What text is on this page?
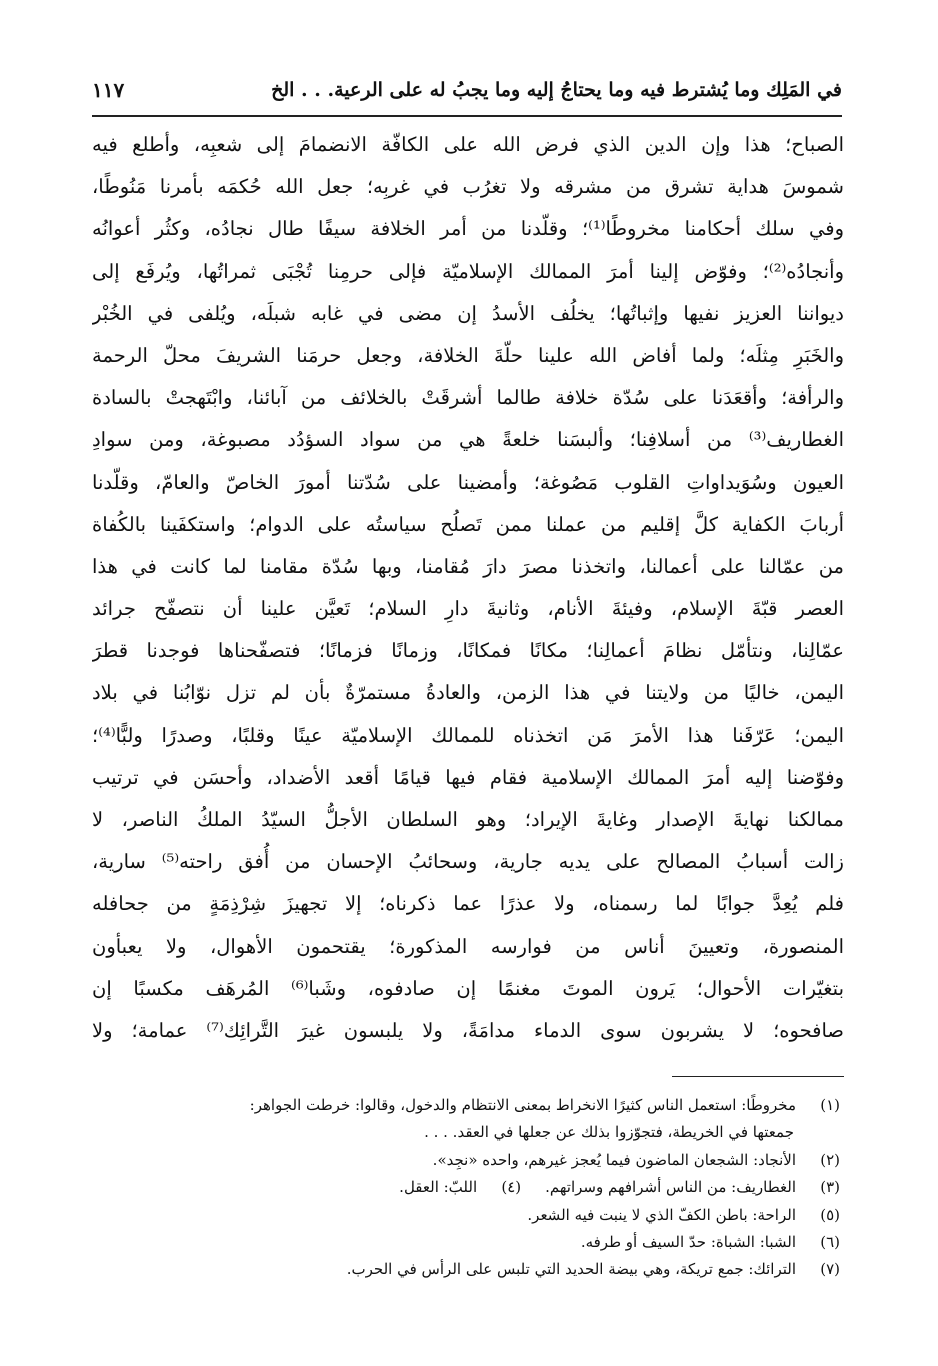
في المَلِك وما يُشترط فيه وما يحتاجُ إليه وما يجبُ له على الرعية. . . الخ
١١٧
الصباح؛ هذا وإن الدين الذي فرض الله على الكافّة الانضمامَ إلى شعبِه، وأطلع فيه
شموسَ هداية تشرق من مشرقه ولا تغرُب في غربِه؛ جعل الله حُكمَه بأمرنا مَنُوطًا،
وفي سلك أحكامنا مخروطًا⁽¹⁾؛ وقلّدنا من أمر الخلافة سيفًا طال نجادُه، وكثُر أعوانُه
وأنجادُه⁽²⁾؛ وفوّض إلينا أمرَ الممالك الإسلاميّة فإلى حرمِنا تُجْبَى ثمراتُها، ويُرفَع إلى
ديواننا العزيز نفيها وإثباتُها؛ يخلُف الأسدُ إن مضى في غابه شبلَه، ويُلفى في الخُبْر
والخَبَرِ مِثلَه؛ ولما أفاض الله علينا حلّةَ الخلافة، وجعل حرمَنا الشريفَ محلّ الرحمة
والرأفة؛ وأقعَدَنا على سُدّة خلافة طالما أشرقَتْ بالخلائف من آبائنا، وابْتَهجتْ بالسادة
الغطاريف⁽³⁾ من أسلافِنا؛ وألبسَنا خلعةً هي من سواد السؤدُد مصبوغة، ومن سوادِ
العيون وسُوَيداواتِ القلوب مَصُوغة؛ وأمضينا على سُدّتنا أمورَ الخاصّ والعامّ، وقلّدنا
أربابَ الكفاية كلَّ إقليم من عملنا ممن تَصلُح سياستُه على الدوام؛ واستكفَينا بالكُفاة
من عمّالنا على أعمالنا، واتخذنا مصرَ دارَ مُقامنا، وبها سُدّة مقامنا لما كانت في هذا
العصر قبّةَ الإسلام، وفيئةَ الأنام، وثانيةَ دارِ السلام؛ تَعيَّن علينا أن نتصفّح جرائد
عمّالِنا، ونتأمّل نظامَ أعمالِنا؛ مكانًا فمكانًا، وزمانًا فزمانًا؛ فتصفّحناها فوجدنا قطرَ
اليمن، خاليًا من ولايتنا في هذا الزمن، والعادةُ مستمرّةٌ بأن لم تزل نوّابُنا في بلاد
اليمن؛ عَرّفَنا هذا الأمرَ مَن اتخذناه للممالك الإسلاميّة عينًا وقلبًا، وصدرًا ولبًّا⁽⁴⁾؛
وفوّضنا إليه أمرَ الممالك الإسلامية فقام فيها قيامًا أقعد الأضداد، وأحسَن في ترتيب
ممالكنا نهايةَ الإصدار وغايةَ الإيراد؛ وهو السلطان الأجلُّ السيّدُ الملكُ الناصر، لا
زالت أسبابُ المصالح على يديه جارية، وسحائبُ الإحسان من أُفق راحته⁽⁵⁾ سارية،
فلم يُعِدَّ جوابًا لما رسمناه، ولا عذرًا عما ذكرناه؛ إلا تجهيزَ شِرْذِمَةٍ من جحافله
المنصورة، وتعيينَ أناس من فوارسه المذكورة؛ يقتحمون الأهوال، ولا يعبأون
بتغيّرات الأحوال؛ يَرون الموتَ مغنمًا إن صادفوه، وشَبا⁽⁶⁾ المُرهَف مكسبًا إن
صافحوه؛ لا يشربون سوى الدماء مدامَةً، ولا يلبسون غيرَ التَّرائِك⁽⁷⁾ عمامة؛ ولا
(١)مخروطًا: استعمل الناس كثيرًا الانخراط بمعنى الانتظام والدخول، وقالوا: خرطت الجواهر:
جمعتها في الخريطة، فتجوّزوا بذلك عن جعلها في العقد. . . .
(٢)الأنجاد: الشجعان الماضون فيما يُعجز غيرهم، واحده «نجِد».
(٣)الغطاريف: من الناس أشرافهم وسراتهم.(٤)اللبّ: العقل.
(٥)الراحة: باطن الكفّ الذي لا ينبت فيه الشعر.
(٦)الشبا: الشباة: حدّ السيف أو طرفه.
(٧)الترائك: جمع تريكة، وهي بيضة الحديد التي تلبس على الرأس في الحرب.
